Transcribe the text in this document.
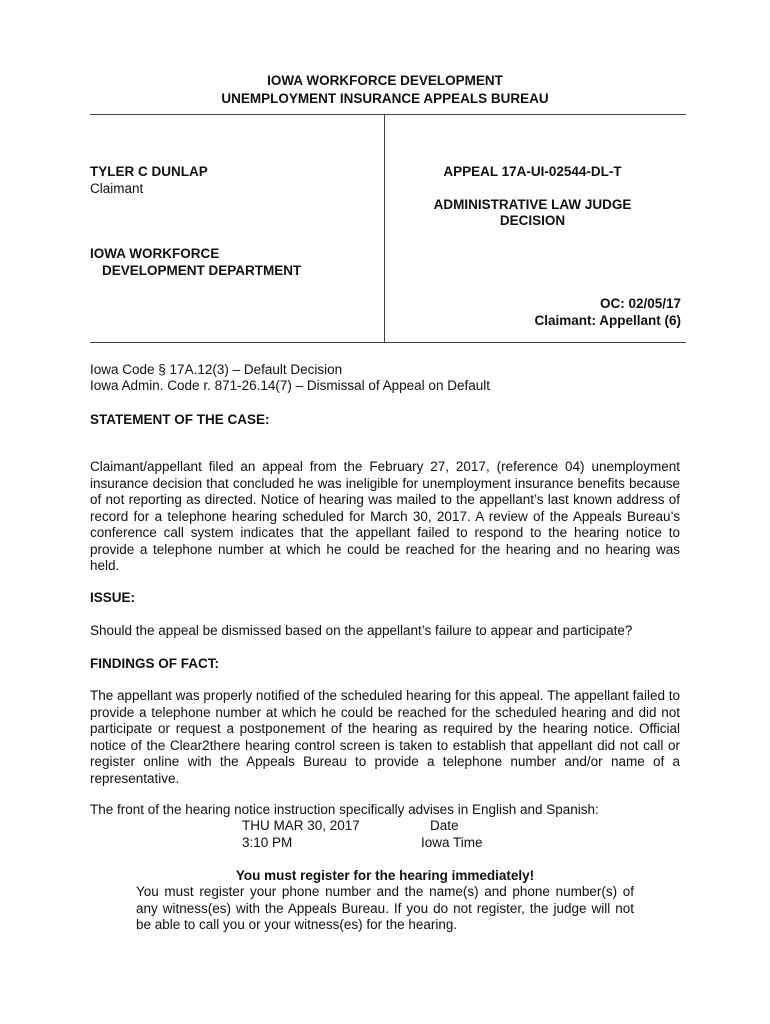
IOWA WORKFORCE DEVELOPMENT
UNEMPLOYMENT INSURANCE APPEALS BUREAU
TYLER C DUNLAP
Claimant
IOWA WORKFORCE
DEVELOPMENT DEPARTMENT
APPEAL 17A-UI-02544-DL-T
ADMINISTRATIVE LAW JUDGE
DECISION
OC: 02/05/17
Claimant: Appellant (6)
Iowa Code § 17A.12(3) – Default Decision
Iowa Admin. Code r. 871-26.14(7) – Dismissal of Appeal on Default
STATEMENT OF THE CASE:
Claimant/appellant filed an appeal from the February 27, 2017, (reference 04) unemployment insurance decision that concluded he was ineligible for unemployment insurance benefits because of not reporting as directed. Notice of hearing was mailed to the appellant’s last known address of record for a telephone hearing scheduled for March 30, 2017. A review of the Appeals Bureau’s conference call system indicates that the appellant failed to respond to the hearing notice to provide a telephone number at which he could be reached for the hearing and no hearing was held.
ISSUE:
Should the appeal be dismissed based on the appellant’s failure to appear and participate?
FINDINGS OF FACT:
The appellant was properly notified of the scheduled hearing for this appeal. The appellant failed to provide a telephone number at which he could be reached for the scheduled hearing and did not participate or request a postponement of the hearing as required by the hearing notice. Official notice of the Clear2there hearing control screen is taken to establish that appellant did not call or register online with the Appeals Bureau to provide a telephone number and/or name of a representative.
The front of the hearing notice instruction specifically advises in English and Spanish:
THU MAR 30, 2017	Date
3:10 PM	Iowa Time
You must register for the hearing immediately!
You must register your phone number and the name(s) and phone number(s) of any witness(es) with the Appeals Bureau. If you do not register, the judge will not be able to call you or your witness(es) for the hearing.
